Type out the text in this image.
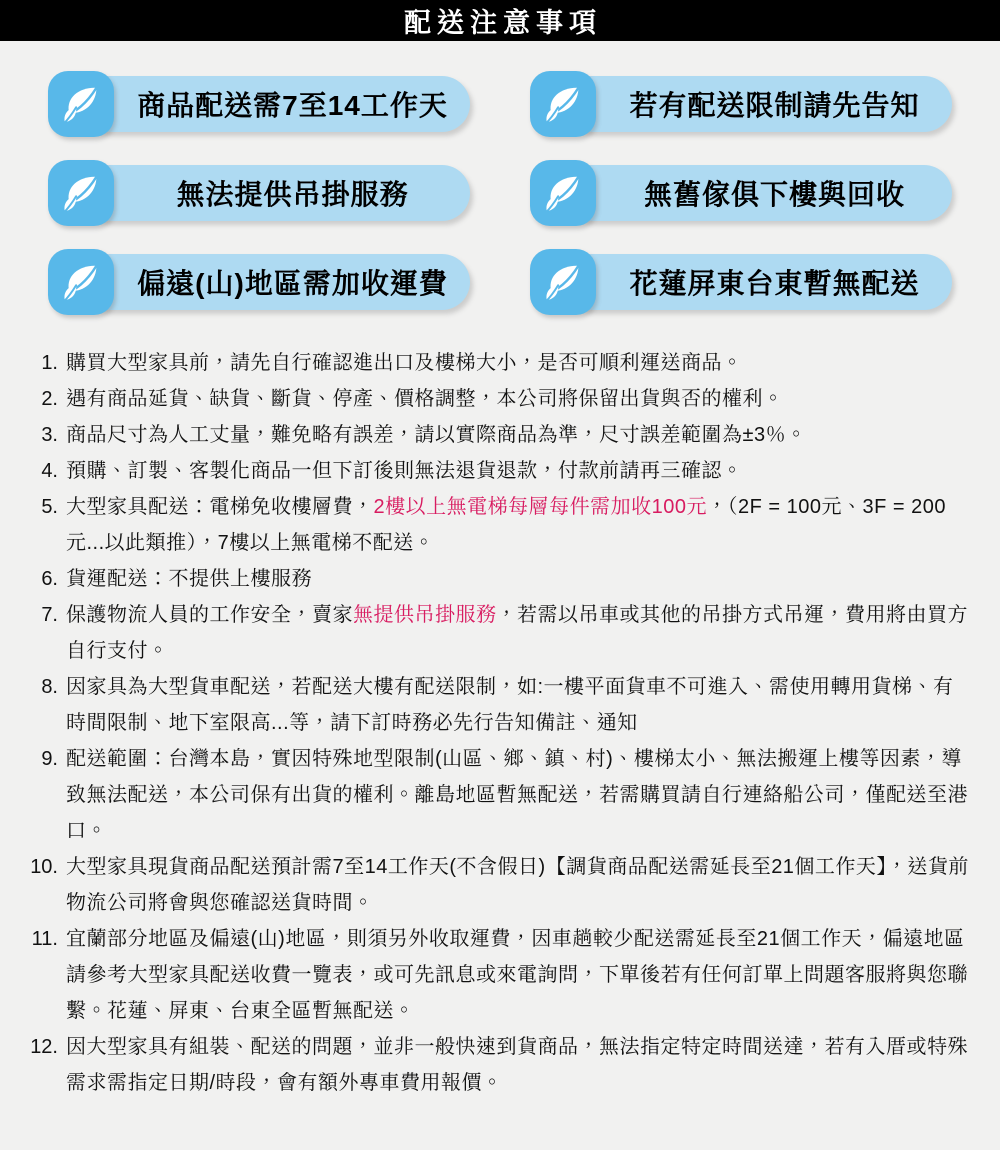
配送注意事項
商品配送需7至14工作天	若有配送限制請先告知
無法提供吊掛服務	無舊傢俱下樓與回收
偏遠(山)地區需加收運費	花蓮屏東台東暫無配送
1. 購買大型家具前，請先自行確認進出口及樓梯大小，是否可順利運送商品。
2. 遇有商品延貨、缺貨、斷貨、停產、價格調整，本公司將保留出貨與否的權利。
3. 商品尺寸為人工丈量，難免略有誤差，請以實際商品為準，尺寸誤差範圍為±3％。
4. 預購、訂製、客製化商品一但下訂後則無法退貨退款，付款前請再三確認。
5. 大型家具配送：電梯免收樓層費，2樓以上無電梯每層每件需加收100元，（2F = 100元、3F = 200元...以此類推），7樓以上無電梯不配送。
6. 貨運配送：不提供上樓服務
7. 保護物流人員的工作安全，賣家無提供吊掛服務，若需以吊車或其他的吊掛方式吊運，費用將由買方自行支付。
8. 因家具為大型貨車配送，若配送大樓有配送限制，如:一樓平面貨車不可進入、需使用轉用貨梯、有時間限制、地下室限高...等，請下訂時務必先行告知備註、通知
9. 配送範圍：台灣本島，實因特殊地型限制(山區、鄉、鎮、村)、樓梯太小、無法搬運上樓等因素，導致無法配送，本公司保有出貨的權利。離島地區暫無配送，若需購買請自行連絡船公司，僅配送至港口。
10. 大型家具現貨商品配送預計需7至14工作天(不含假日)【調貨商品配送需延長至21個工作天】，送貨前物流公司將會與您確認送貨時間。
11. 宜蘭部分地區及偏遠(山)地區，則須另外收取運費，因車趟較少配送需延長至21個工作天，偏遠地區請參考大型家具配送收費一覽表，或可先訊息或來電詢問，下單後若有任何訂單上問題客服將與您聯繫。花蓮、屏東、台東全區暫無配送。
12. 因大型家具有組裝、配送的問題，並非一般快速到貨商品，無法指定特定時間送達，若有入厝或特殊需求需指定日期/時段，會有額外專車費用報價。
